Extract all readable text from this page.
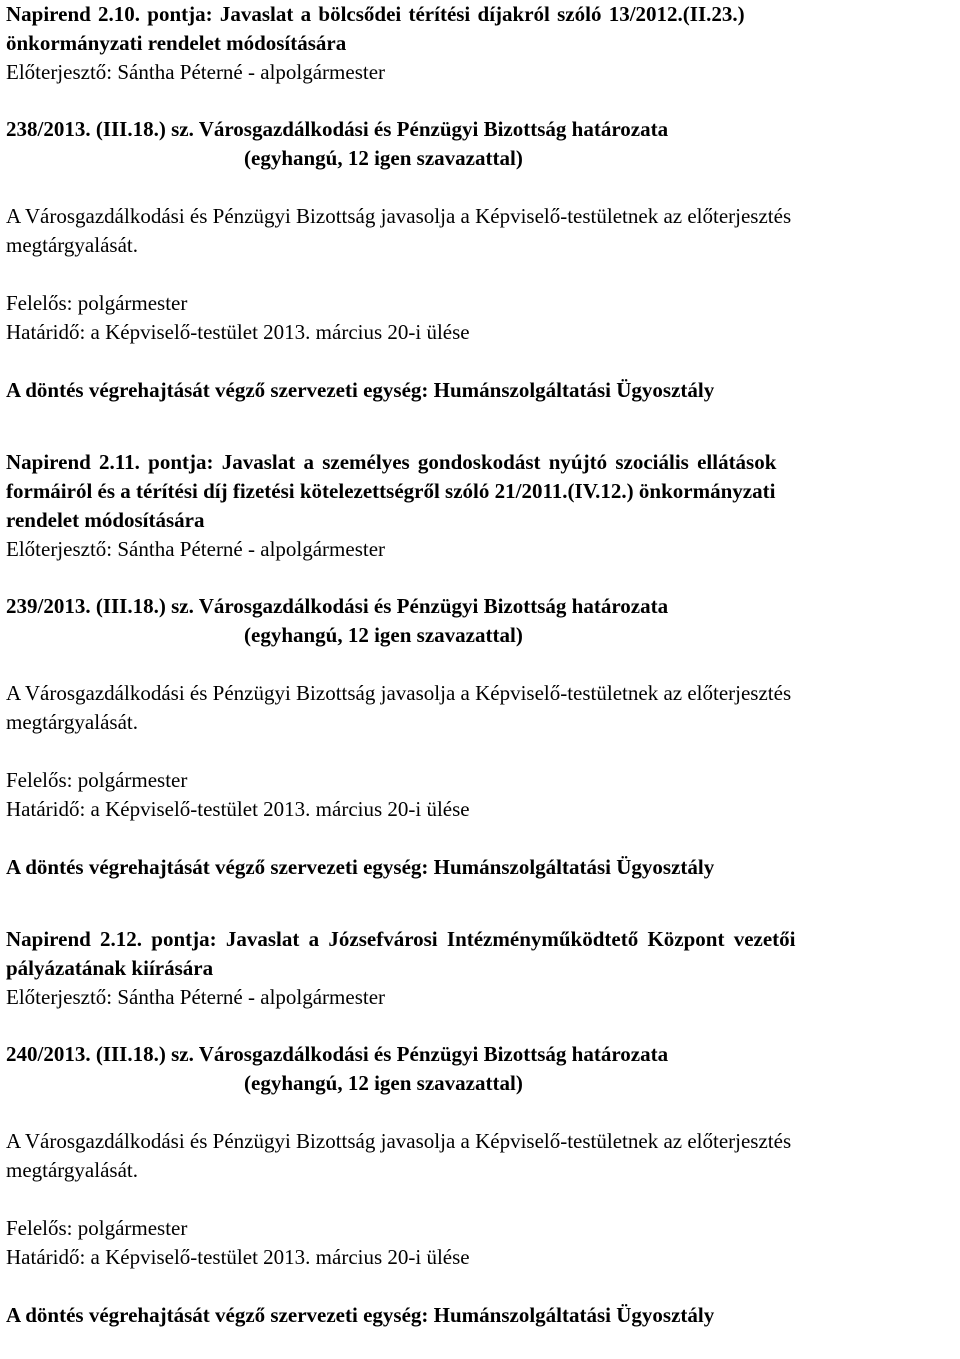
Napirend 2.10. pontja: Javaslat a bölcsődei térítési díjakról szóló 13/2012.(II.23.)
önkormányzati rendelet módosítására
Előterjesztő: Sántha Péterné - alpolgármester
238/2013. (III.18.) sz. Városgazdálkodási és Pénzügyi Bizottság határozata
(egyhangú, 12 igen szavazattal)
A Városgazdálkodási és Pénzügyi Bizottság javasolja a Képviselő-testületnek az előterjesztés
megtárgyalását.
Felelős: polgármester
Határidő: a Képviselő-testület 2013. március 20-i ülése
A döntés végrehajtását végző szervezeti egység: Humánszolgáltatási Ügyosztály
Napirend 2.11. pontja: Javaslat a személyes gondoskodást nyújtó szociális ellátások
formáiról és a térítési díj fizetési kötelezettségről szóló 21/2011.(IV.12.) önkormányzati
rendelet módosítására
Előterjesztő: Sántha Péterné - alpolgármester
239/2013. (III.18.) sz. Városgazdálkodási és Pénzügyi Bizottság határozata
(egyhangú, 12 igen szavazattal)
A Városgazdálkodási és Pénzügyi Bizottság javasolja a Képviselő-testületnek az előterjesztés
megtárgyalását.
Felelős: polgármester
Határidő: a Képviselő-testület 2013. március 20-i ülése
A döntés végrehajtását végző szervezeti egység: Humánszolgáltatási Ügyosztály
Napirend 2.12. pontja: Javaslat a Józsefvárosi Intézményműködtető Központ vezetői
pályázatának kiírására
Előterjesztő: Sántha Péterné - alpolgármester
240/2013. (III.18.) sz. Városgazdálkodási és Pénzügyi Bizottság határozata
(egyhangú, 12 igen szavazattal)
A Városgazdálkodási és Pénzügyi Bizottság javasolja a Képviselő-testületnek az előterjesztés
megtárgyalását.
Felelős: polgármester
Határidő: a Képviselő-testület 2013. március 20-i ülése
A döntés végrehajtását végző szervezeti egység: Humánszolgáltatási Ügyosztály
